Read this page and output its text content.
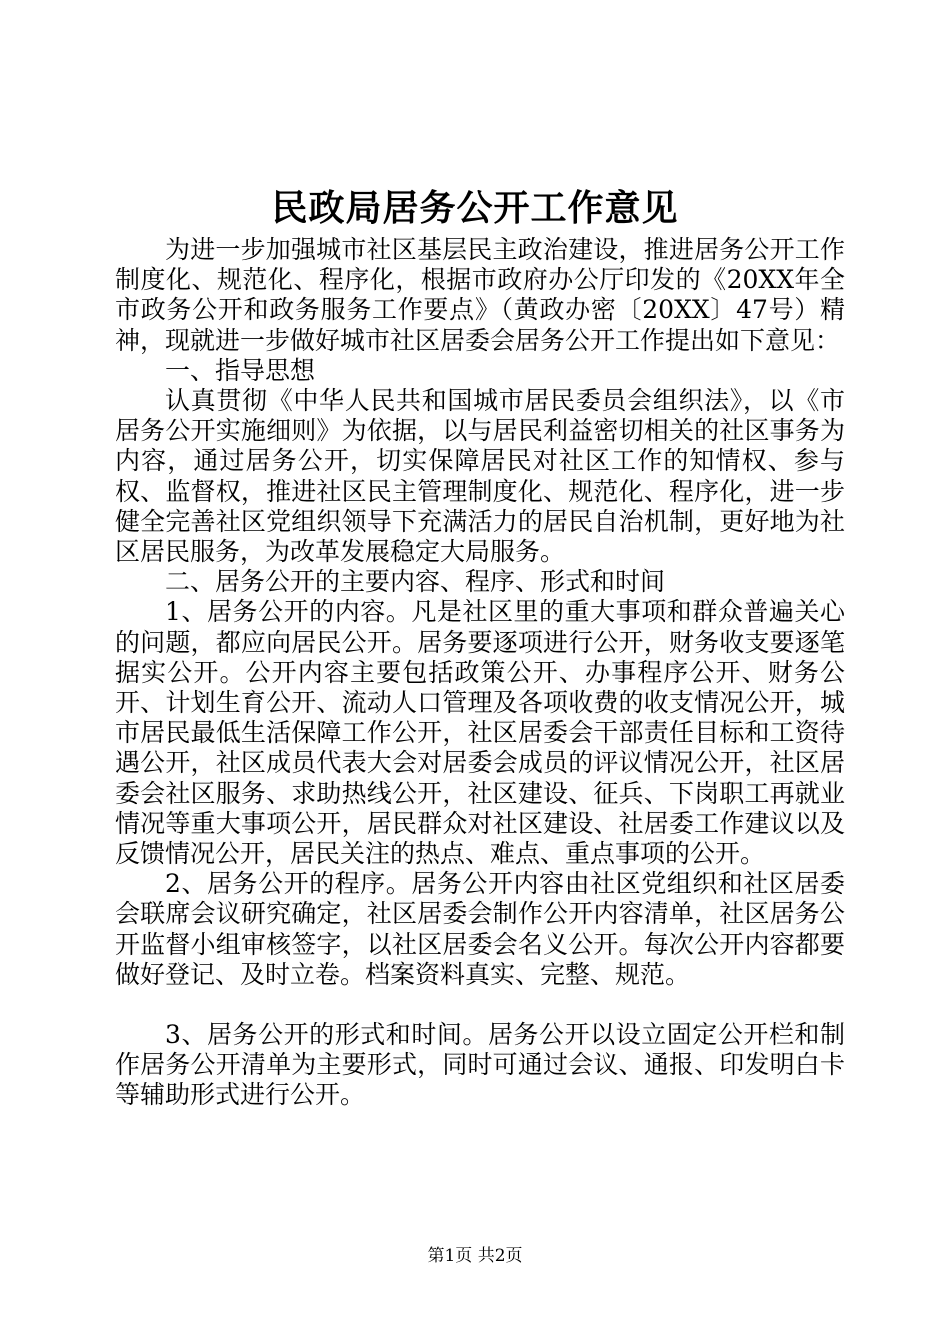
民政局居务公开工作意见

为进一步加强城市社区基层民主政治建设，推进居务公开工作制度化、规范化、程序化，根据市政府办公厅印发的《20XX年全市政务公开和政务服务工作要点》（黄政办密〔20XX〕47号）精神，现就进一步做好城市社区居委会居务公开工作提出如下意见：

一、指导思想

认真贯彻《中华人民共和国城市居民委员会组织法》，以《市居务公开实施细则》为依据，以与居民利益密切相关的社区事务为内容，通过居务公开，切实保障居民对社区工作的知情权、参与权、监督权，推进社区民主管理制度化、规范化、程序化，进一步健全完善社区党组织领导下充满活力的居民自治机制，更好地为社区居民服务，为改革发展稳定大局服务。

二、居务公开的主要内容、程序、形式和时间

1、居务公开的内容。凡是社区里的重大事项和群众普遍关心的问题，都应向居民公开。居务要逐项进行公开，财务收支要逐笔据实公开。公开内容主要包括政策公开、办事程序公开、财务公开、计划生育公开、流动人口管理及各项收费的收支情况公开，城市居民最低生活保障工作公开，社区居委会干部责任目标和工资待遇公开，社区成员代表大会对居委会成员的评议情况公开，社区居委会社区服务、求助热线公开，社区建设、征兵、下岗职工再就业情况等重大事项公开，居民群众对社区建设、社居委工作建议以及反馈情况公开，居民关注的热点、难点、重点事项的公开。

2、居务公开的程序。居务公开内容由社区党组织和社区居委会联席会议研究确定，社区居委会制作公开内容清单，社区居务公开监督小组审核签字，以社区居委会名义公开。每次公开内容都要做好登记、及时立卷。档案资料真实、完整、规范。

3、居务公开的形式和时间。居务公开以设立固定公开栏和制作居务公开清单为主要形式，同时可通过会议、通报、印发明白卡等辅助形式进行公开。

第1页 共2页
